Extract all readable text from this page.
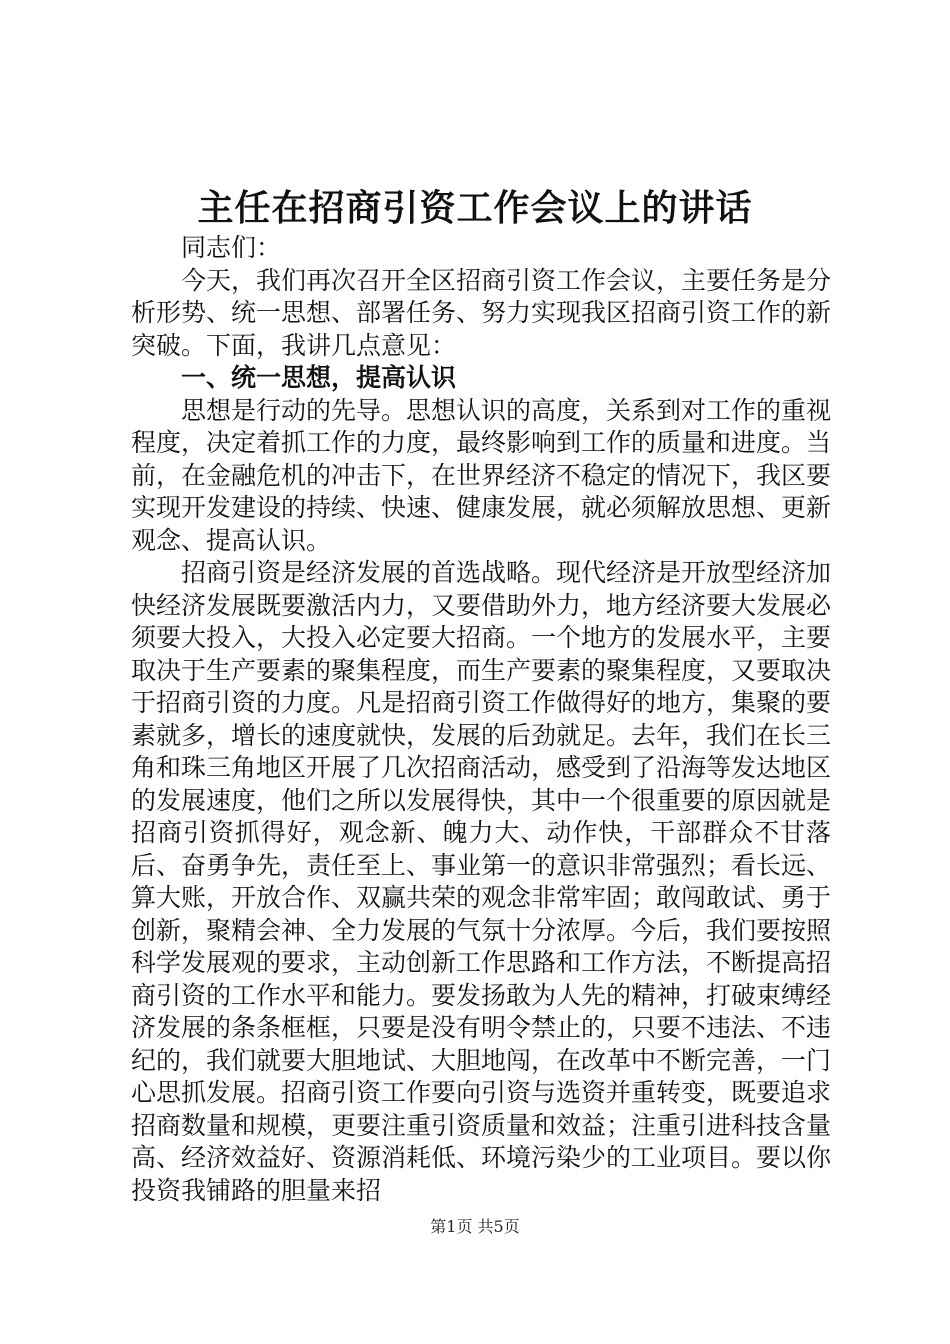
主任在招商引资工作会议上的讲话

同志们：

今天，我们再次召开全区招商引资工作会议，主要任务是分析形势、统一思想、部署任务、努力实现我区招商引资工作的新突破。下面，我讲几点意见：

一、统一思想，提高认识

思想是行动的先导。思想认识的高度，关系到对工作的重视程度，决定着抓工作的力度，最终影响到工作的质量和进度。当前，在金融危机的冲击下，在世界经济不稳定的情况下，我区要实现开发建设的持续、快速、健康发展，就必须解放思想、更新观念、提高认识。

招商引资是经济发展的首选战略。现代经济是开放型经济加快经济发展既要激活内力，又要借助外力，地方经济要大发展必须要大投入，大投入必定要大招商。一个地方的发展水平，主要取决于生产要素的聚集程度，而生产要素的聚集程度，又要取决于招商引资的力度。凡是招商引资工作做得好的地方，集聚的要素就多，增长的速度就快，发展的后劲就足。去年，我们在长三角和珠三角地区开展了几次招商活动，感受到了沿海等发达地区的发展速度，他们之所以发展得快，其中一个很重要的原因就是招商引资抓得好，观念新、魄力大、动作快，干部群众不甘落后、奋勇争先，责任至上、事业第一的意识非常强烈；看长远、算大账，开放合作、双赢共荣的观念非常牢固；敢闯敢试、勇于创新，聚精会神、全力发展的气氛十分浓厚。今后，我们要按照科学发展观的要求，主动创新工作思路和工作方法，不断提高招商引资的工作水平和能力。要发扬敢为人先的精神，打破束缚经济发展的条条框框，只要是没有明令禁止的，只要不违法、不违纪的，我们就要大胆地试、大胆地闯，在改革中不断完善，一门心思抓发展。招商引资工作要向引资与选资并重转变，既要追求招商数量和规模，更要注重引资质量和效益；注重引进科技含量高、经济效益好、资源消耗低、环境污染少的工业项目。要以你投资我铺路的胆量来招

第1页 共5页
